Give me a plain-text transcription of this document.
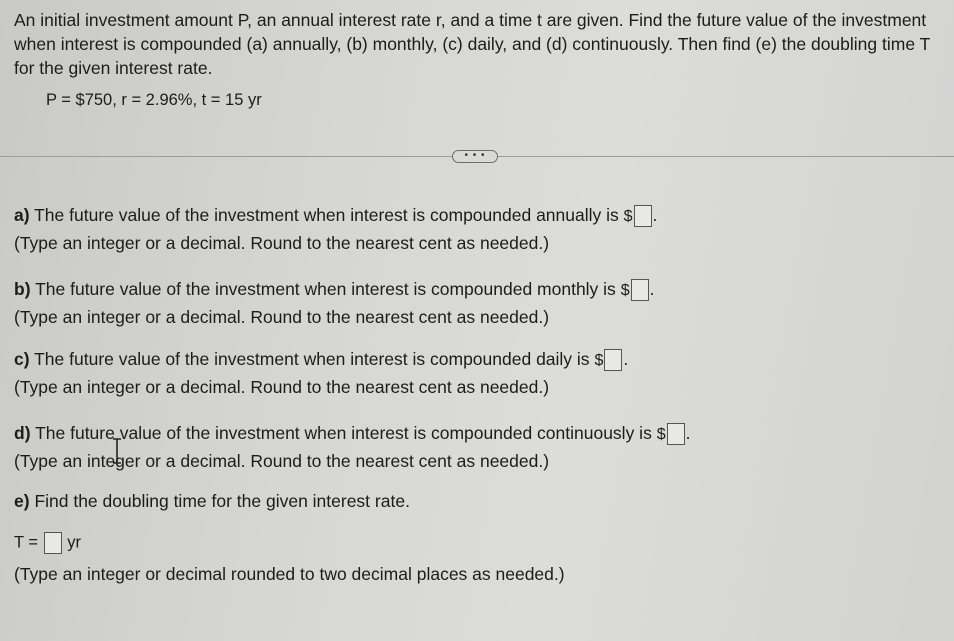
An initial investment amount P, an annual interest rate r, and a time t are given. Find the future value of the investment when interest is compounded (a) annually, (b) monthly, (c) daily, and (d) continuously. Then find (e) the doubling time T for the given interest rate.
P = $750, r = 2.96%, t = 15 yr
• • •
a) The future value of the investment when interest is compounded annually is $ .
(Type an integer or a decimal. Round to the nearest cent as needed.)
b) The future value of the investment when interest is compounded monthly is $ .
(Type an integer or a decimal. Round to the nearest cent as needed.)
c) The future value of the investment when interest is compounded daily is $ .
(Type an integer or a decimal. Round to the nearest cent as needed.)
d) The future value of the investment when interest is compounded continuously is $ .
(Type an integer or a decimal. Round to the nearest cent as needed.)
e) Find the doubling time for the given interest rate.
T = yr
(Type an integer or decimal rounded to two decimal places as needed.)
